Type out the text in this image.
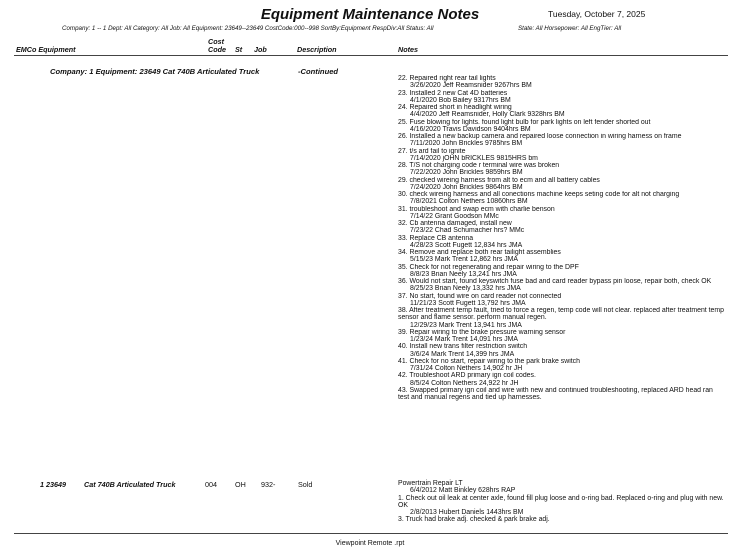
Equipment Maintenance Notes	Tuesday, October 7, 2025
Company: 1 -- 1 Dept: All Category: All Job: All Equipment: 23649--23649 CostCode:000--998 SortBy:Equipment RespDiv:All Status: All	State: All Horsepower: All EngTier: All
EMCo Equipment
Cost
Code St Job	Description	Notes
Company: 1 Equipment: 23649 Cat 740B Articulated Truck	-Continued
22. Repaired right rear tail lights
3/26/2020 Jeff Reamsnider 9267hrs BM
23. Installed 2 new Cat 4D batteries
4/1/2020 Bob Bailey 9317hrs BM
24. Repaired short in headlight wiring
4/4/2020 Jeff Reamsnider, Holly Clark 9328hrs BM
25. Fuse blowing for lights. found light bulb for park lights on left fender shorted out
4/16/2020 Travis Davidson 9404hrs BM
26. Installed a new backup camera and repaired loose connection in wiring harness on frame
7/11/2020 John Brickles 9785hrs BM
27. t/s ard fail to ignite
7/14/2020 jOHN bRICKLES 9815HRS bm
28. T/S not charging code r terminal wire was broken
7/22/2020 John Brickles 9859hrs BM
29. checked wireing harness from alt to ecm and all battery cables
7/24/2020 John Brickles 9864hrs BM
30. check wireing harness and all conections machine keeps seting code for alt not charging
7/8/2021 Colton Nethers 10860hrs BM
31. troubleshoot and swap ecm with charlie benson
7/14/22 Grant Goodson MMc
32. Cb antenna damaged, install new
7/23/22 Chad Schumacher hrs? MMc
33. Replace CB antenna
4/28/23 Scott Fugett 12,834 hrs JMA
34. Remove and replace both rear tailight assemblies
5/15/23 Mark Trent 12,862 hrs JMA
35. Check for not regenerating and repair wiring to the DPF
8/8/23 Brian Neely 13,241 hrs JMA
36. Would not start, found keyswitch fuse bad and card reader bypass pin loose, repair both, check OK
8/25/23 Brian Neely 13,332 hrs JMA
37. No start, found wire on card reader not connected
11/21/23 Scott Fugett 13,792 hrs JMA
38. After treatment temp fault, tried to force a regen, temp code will not clear. replaced after treatment temp sensor and flame sensor. perform manual regen.
12/29/23 Mark Trent 13,941 hrs JMA
39. Repair wiring to the brake pressure warning sensor
1/23/24 Mark Trent 14,091 hrs JMA
40. Install new trans filter restriction switch
3/6/24 Mark Trent 14,399 hrs JMA
41. Check for no start, repair wiring to the park brake switch
7/31/24 Colton Nethers 14,902 hr JH
42. Troubleshoot ARD primary ign coil codes.
8/5/24 Colton Nethers 24,922 hr JH
43. Swapped primary ign coil and wire with new and continued troubleshooting, replaced ARD head ran test and manual regens and tied up harnesses.
1 23649	Cat 740B Articulated Truck	004	OH 932-	Sold	Powertrain Repair LT
6/4/2012 Matt Binkley 628hrs RAP
1. Check out oil leak at center axle, found fill plug loose and o-ring bad. Replaced o-ring and plug with new. OK
2/8/2013 Hubert Daniels 1443hrs BM
3. Truck had brake adj. checked & park brake adj.
Viewpoint Remote .rpt
